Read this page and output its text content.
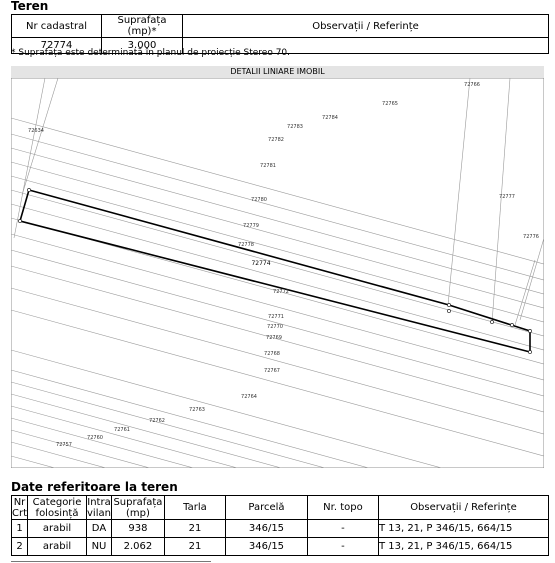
Teren
Nr cadastral	Suprafața (mp)*	Observații / Referințe
72774	3.000	
* Suprafața este determinată în planul de proiecție Stereo 70.
DETALII LINIARE IMOBIL
72766
72765
72784
72783
72782
72781
72780
72779
72778
72774
72772
72771
72770
72769
72768
72767
72764
72763
72762
72761
72760
72757
72634
72777
72776
Date referitoare la teren
Nr Crt	Categorie folosință	Intra vilan	Suprafața (mp)	Tarla	Parcelă	Nr. topo	Observații / Referințe
1	arabil	DA	938	21	346/15	-	T 13, 21, P 346/15, 664/15
2	arabil	NU	2.062	21	346/15	-	T 13, 21, P 346/15, 664/15
